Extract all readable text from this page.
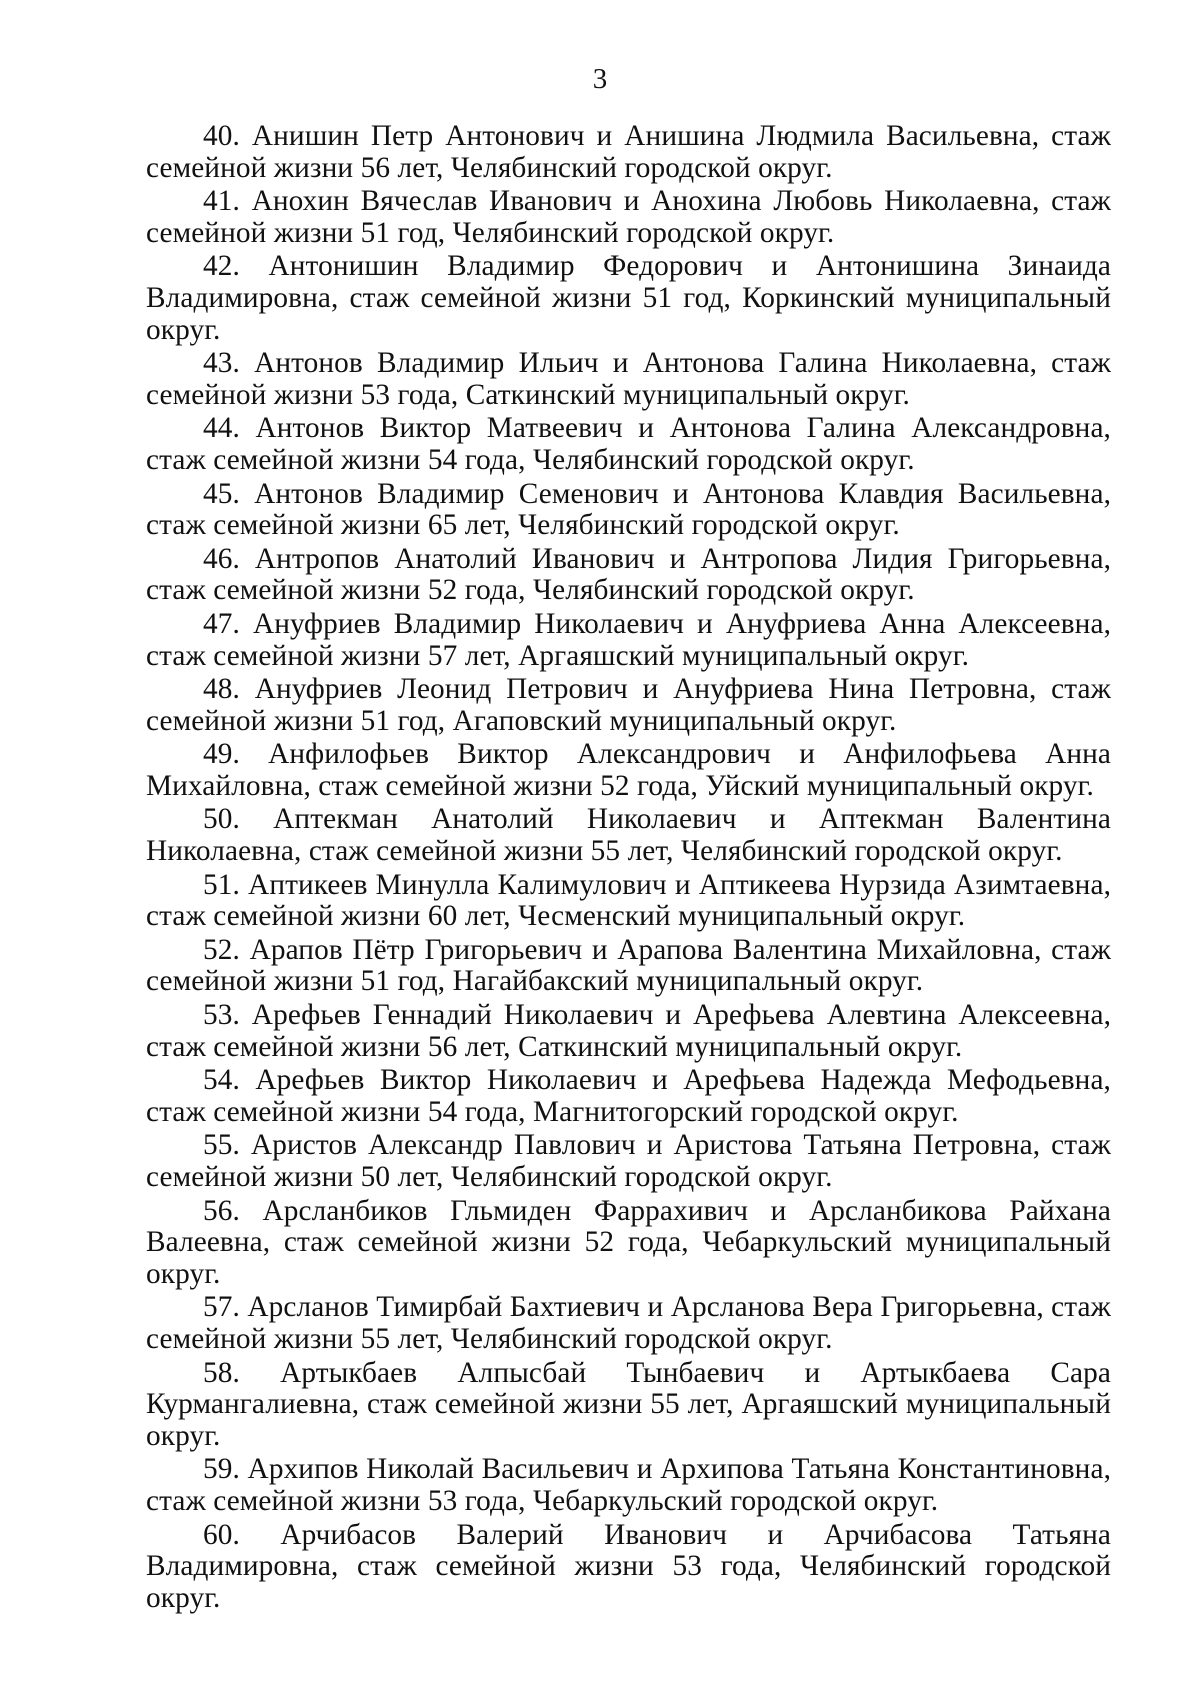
3

40. Анишин Петр Антонович и Анишина Людмила Васильевна, стаж семейной жизни 56 лет, Челябинский городской округ.

41. Анохин Вячеслав Иванович и Анохина Любовь Николаевна, стаж семейной жизни 51 год, Челябинский городской округ.

42. Антонишин Владимир Федорович и Антонишина Зинаида Владимировна, стаж семейной жизни 51 год, Коркинский муниципальный округ.

43. Антонов Владимир Ильич и Антонова Галина Николаевна, стаж семейной жизни 53 года, Саткинский муниципальный округ.

44. Антонов Виктор Матвеевич и Антонова Галина Александровна, стаж семейной жизни 54 года, Челябинский городской округ.

45. Антонов Владимир Семенович и Антонова Клавдия Васильевна, стаж семейной жизни 65 лет, Челябинский городской округ.

46. Антропов Анатолий Иванович и Антропова Лидия Григорьевна, стаж семейной жизни 52 года, Челябинский городской округ.

47. Ануфриев Владимир Николаевич и Ануфриева Анна Алексеевна, стаж семейной жизни 57 лет, Аргаяшский муниципальный округ.

48. Ануфриев Леонид Петрович и Ануфриева Нина Петровна, стаж семейной жизни 51 год, Агаповский муниципальный округ.

49. Анфилофьев Виктор Александрович и Анфилофьева Анна Михайловна, стаж семейной жизни 52 года, Уйский муниципальный округ.

50. Аптекман Анатолий Николаевич и Аптекман Валентина Николаевна, стаж семейной жизни 55 лет, Челябинский городской округ.

51. Аптикеев Минулла Калимулович и Аптикеева Нурзида Азимтаевна, стаж семейной жизни 60 лет, Чесменский муниципальный округ.

52. Арапов Пётр Григорьевич и Арапова Валентина Михайловна, стаж семейной жизни 51 год, Нагайбакский муниципальный округ.

53. Арефьев Геннадий Николаевич и Арефьева Алевтина Алексеевна, стаж семейной жизни 56 лет, Саткинский муниципальный округ.

54. Арефьев Виктор Николаевич и Арефьева Надежда Мефодьевна, стаж семейной жизни 54 года, Магнитогорский городской округ.

55. Аристов Александр Павлович и Аристова Татьяна Петровна, стаж семейной жизни 50 лет, Челябинский городской округ.

56. Арсланбиков Гльмиден Фаррахивич и Арсланбикова Райхана Валеевна, стаж семейной жизни 52 года, Чебаркульский муниципальный округ.

57. Арсланов Тимирбай Бахтиевич и Арсланова Вера Григорьевна, стаж семейной жизни 55 лет, Челябинский городской округ.

58. Артыкбаев Алпысбай Тынбаевич и Артыкбаева Сара Курмангалиевна, стаж семейной жизни 55 лет, Аргаяшский муниципальный округ.

59. Архипов Николай Васильевич и Архипова Татьяна Константиновна, стаж семейной жизни 53 года, Чебаркульский городской округ.

60. Арчибасов Валерий Иванович и Арчибасова Татьяна Владимировна, стаж семейной жизни 53 года, Челябинский городской округ.
